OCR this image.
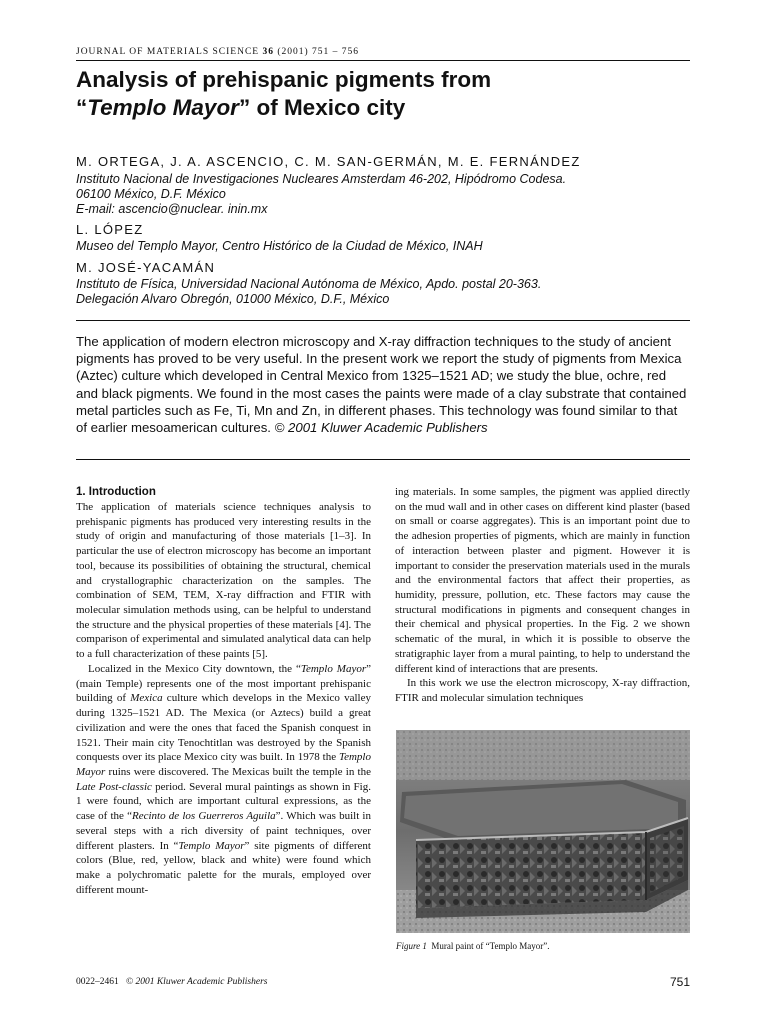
JOURNAL OF MATERIALS SCIENCE 36 (2001) 751 – 756
Analysis of prehispanic pigments from
“Templo Mayor” of Mexico city
M. ORTEGA, J. A. ASCENCIO, C. M. SAN-GERMÁN, M. E. FERNÁNDEZ
Instituto Nacional de Investigaciones Nucleares Amsterdam 46-202, Hipódromo Codesa.
06100 México, D.F. México
E-mail: ascencio@nuclear. inin.mx
L. LÓPEZ
Museo del Templo Mayor, Centro Histórico de la Ciudad de México, INAH
M. JOSÉ-YACAMÁN
Instituto de Física, Universidad Nacional Autónoma de México, Apdo. postal 20-363.
Delegación Alvaro Obregón, 01000 México, D.F., México
The application of modern electron microscopy and X-ray diffraction techniques to the study of ancient pigments has proved to be very useful. In the present work we report the study of pigments from Mexica (Aztec) culture which developed in Central Mexico from 1325–1521 AD; we study the blue, ochre, red and black pigments. We found in the most cases the paints were made of a clay substrate that contained metal particles such as Fe, Ti, Mn and Zn, in different phases. This technology was found similar to that of earlier mesoamerican cultures. © 2001 Kluwer Academic Publishers
1. Introduction

The application of materials science techniques analysis to prehispanic pigments has produced very interesting results in the study of origin and manufacturing of those materials [1–3]. In particular the use of electron microscopy has become an important tool, because its possibilities of obtaining the structural, chemical and crystallographic characterization on the samples. The combination of SEM, TEM, X-ray diffraction and FTIR with molecular simulation methods using, can be helpful to understand the structure and the physical properties of these materials [4]. The comparison of experimental and simulated analytical data can help to a full characterization of these paints [5].

Localized in the Mexico City downtown, the “Templo Mayor” (main Temple) represents one of the most important prehispanic building of Mexica culture which develops in the Mexico valley during 1325–1521 AD. The Mexica (or Aztecs) build a great civilization and were the ones that faced the Spanish conquest in 1521. Their main city Tenochtitlan was destroyed by the Spanish conquests over its place Mexico city was built. In 1978 the Templo Mayor ruins were discovered. The Mexicas built the temple in the Late Post-classic period. Several mural paintings as shown in Fig. 1 were found, which are important cultural expressions, as the case of the “Recinto de los Guerreros Aguila”. Which was built in several steps with a rich diversity of paint techniques, over different plasters. In “Templo Mayor” site pigments of different colors (Blue, red, yellow, black and white) were found which make a polychromatic palette for the murals, employed over different mount-

ing materials. In some samples, the pigment was applied directly on the mud wall and in other cases on different kind plaster (based on small or coarse aggregates). This is an important point due to the adhesion properties of pigments, which are mainly in function of interaction between plaster and pigment. However it is important to consider the preservation materials used in the murals and the environmental factors that affect their properties, as humidity, pressure, pollution, etc. These factors may cause the structural modifications in pigments and consequent changes in their chemical and physical properties. In the Fig. 2 we shown schematic of the mural, in which it is possible to observe the stratigraphic layer from a mural painting, to help to understand the different kind of interactions that are presents.

In this work we use the electron microscopy, X-ray diffraction, FTIR and molecular simulation techniques

Figure 1 Mural paint of “Templo Mayor”.
0022–2461 © 2001 Kluwer Academic Publishers	751
